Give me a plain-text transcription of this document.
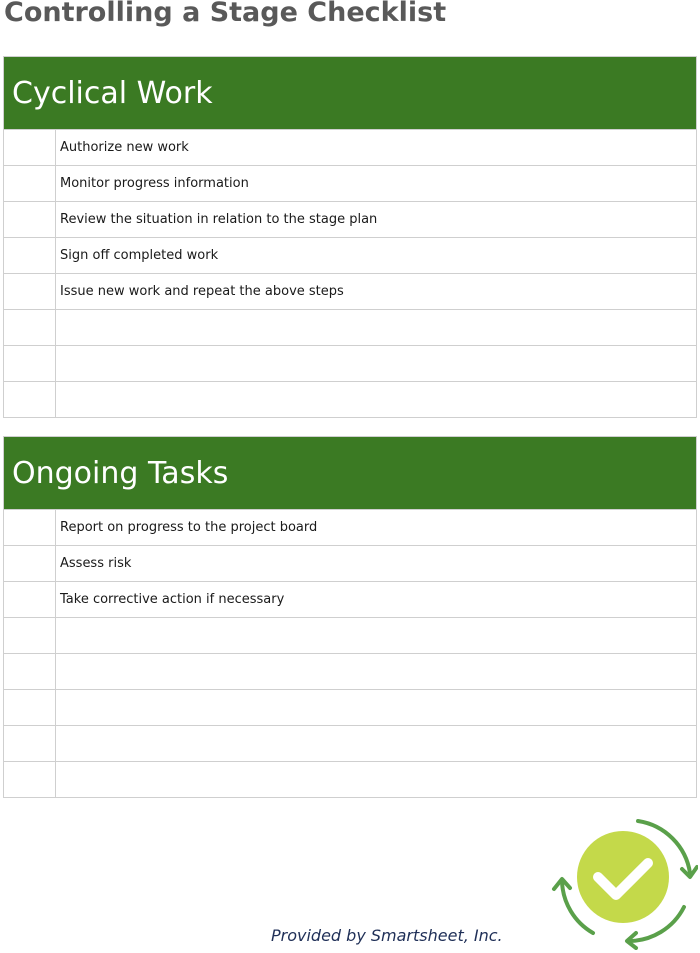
Controlling a Stage Checklist
Cyclical Work
	Authorize new work
	Monitor progress information
	Review the situation in relation to the stage plan
	Sign off completed work
	Issue new work and repeat the above steps

Ongoing Tasks
	Report on progress to the project board
	Assess risk
	Take corrective action if necessary

Provided by Smartsheet, Inc.
